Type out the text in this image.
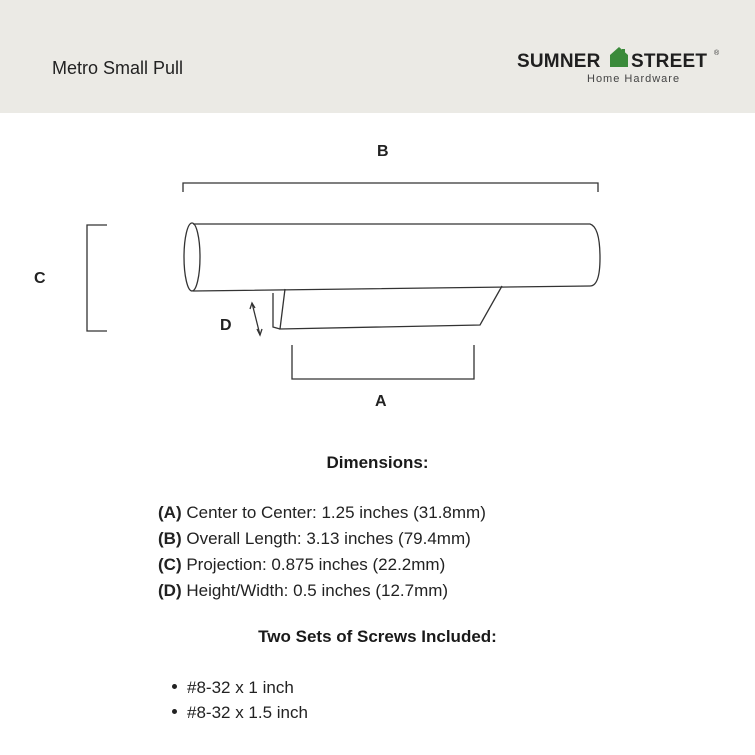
Metro Small Pull	SUMNER STREET ®
Home Hardware
B
C
D
A
Dimensions:
(A) Center to Center: 1.25 inches (31.8mm)
(B) Overall Length: 3.13 inches (79.4mm)
(C) Projection: 0.875 inches (22.2mm)
(D) Height/Width: 0.5 inches (12.7mm)
Two Sets of Screws Included:
#8-32 x 1 inch
#8-32 x 1.5 inch
